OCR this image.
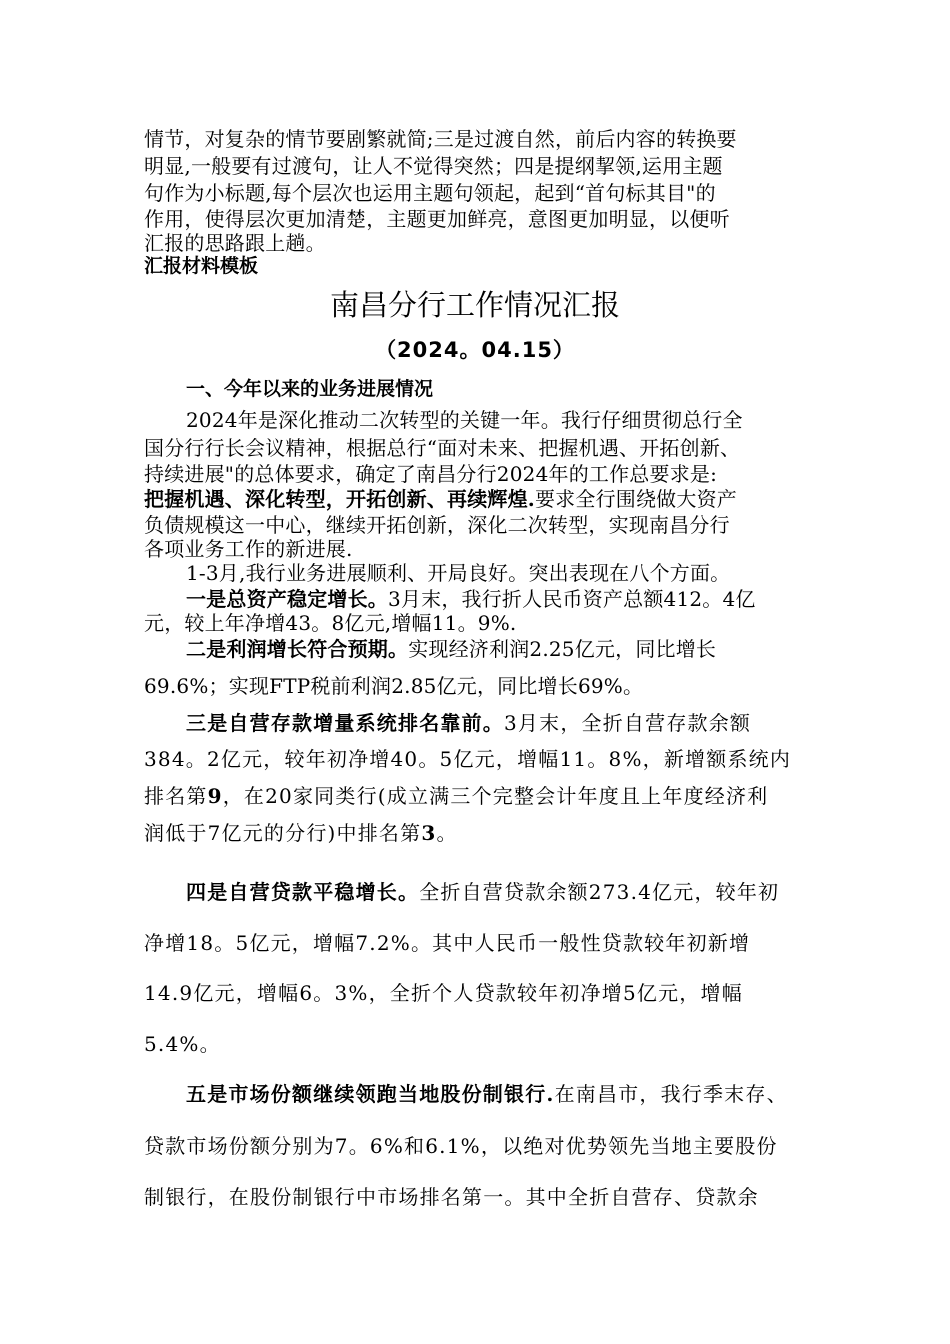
情节，对复杂的情节要剧繁就简;三是过渡自然，前后内容的转换要
明显,一般要有过渡句，让人不觉得突然；四是提纲挈领,运用主题
句作为小标题,每个层次也运用主题句领起，起到“首句标其目"的
作用，使得层次更加清楚，主题更加鲜亮，意图更加明显，以便听
汇报的思路跟上趟。
汇报材料模板
南昌分行工作情况汇报
（2024。04.15）
一、今年以来的业务进展情况
2024年是深化推动二次转型的关键一年。我行仔细贯彻总行全
国分行行长会议精神，根据总行“面对未来、把握机遇、开拓创新、
持续进展"的总体要求，确定了南昌分行2024年的工作总要求是:
把握机遇、深化转型，开拓创新、再续辉煌.要求全行围绕做大资产
负债规模这一中心，继续开拓创新，深化二次转型，实现南昌分行
各项业务工作的新进展.
1-3月,我行业务进展顺利、开局良好。突出表现在八个方面。
一是总资产稳定增长。3月末，我行折人民币资产总额412。4亿
元，较上年净增43。8亿元,增幅11。9%.
二是利润增长符合预期。实现经济利润2.25亿元，同比增长
69.6%；实现FTP税前利润2.85亿元，同比增长69%。
三是自营存款增量系统排名靠前。3月末，全折自营存款余额
384。2亿元，较年初净增40。5亿元，增幅11。8%，新增额系统内
排名第9，在20家同类行(成立满三个完整会计年度且上年度经济利
润低于7亿元的分行)中排名第3。
四是自营贷款平稳增长。全折自营贷款余额273.4亿元，较年初
净增18。5亿元，增幅7.2%。其中人民币一般性贷款较年初新增
14.9亿元，增幅6。3%，全折个人贷款较年初净增5亿元，增幅
5.4%。
五是市场份额继续领跑当地股份制银行.在南昌市，我行季末存、
贷款市场份额分别为7。6%和6.1%，以绝对优势领先当地主要股份
制银行，在股份制银行中市场排名第一。其中全折自营存、贷款余
